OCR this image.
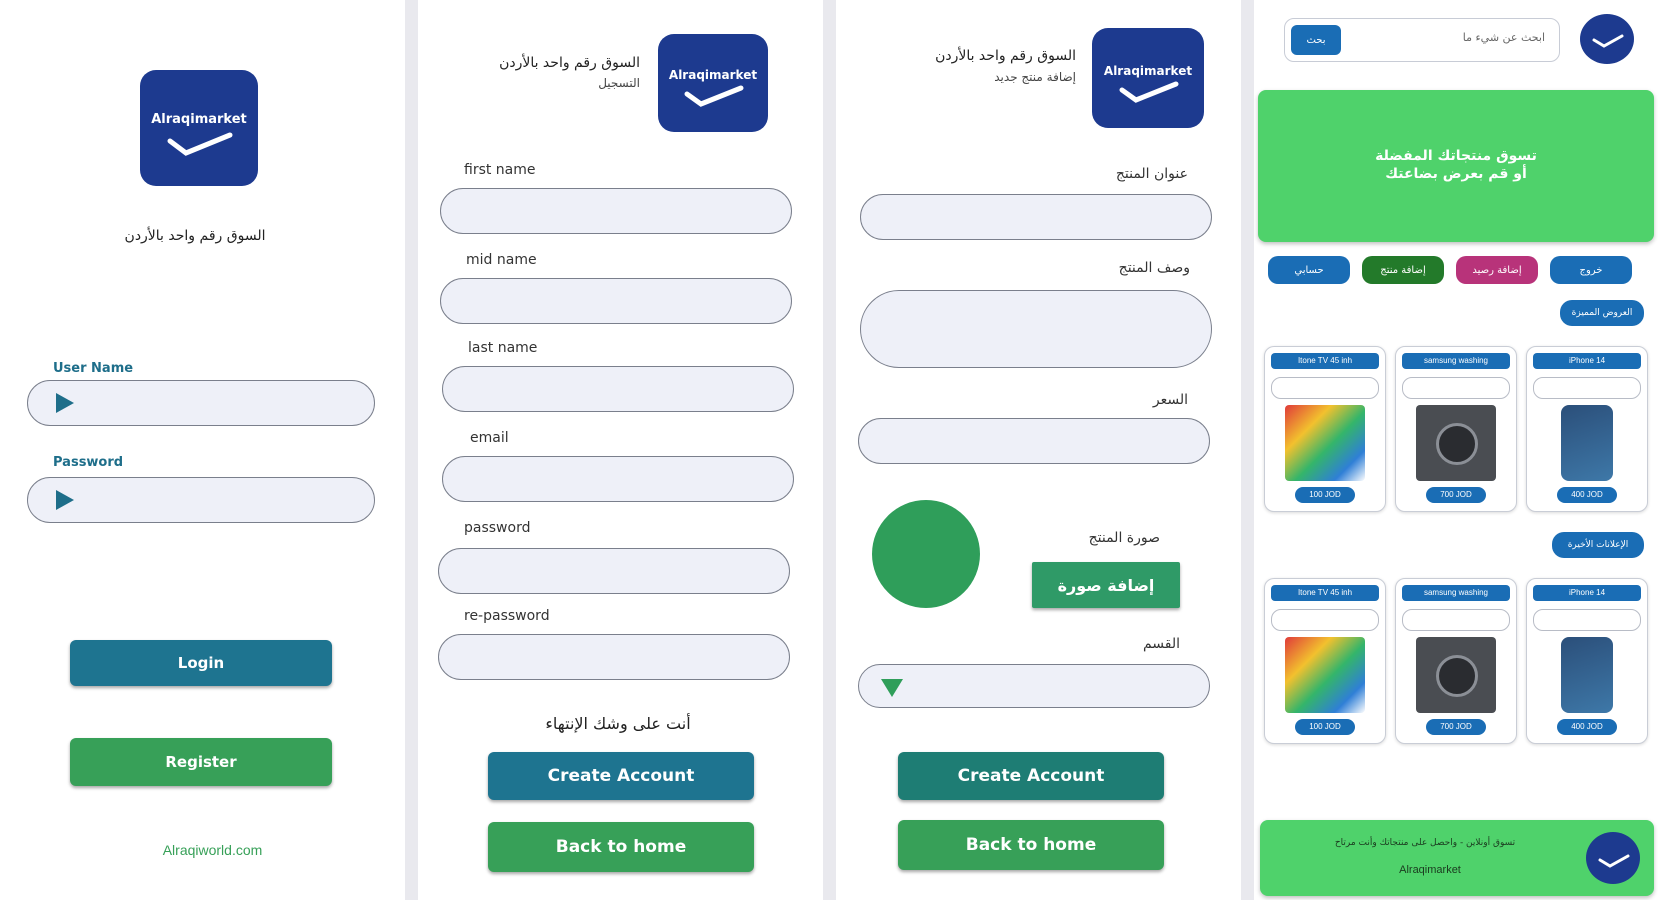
Alraqimarket
السوق رقم واحد بالأردن
User Name
Password
Login
Register
Alraqiworld.com
Alraqimarket
السوق رقم واحد بالأردن
التسجيل
first name
mid name
last name
email
password
re-password
أنت على وشك الإنتهاء
Create Account
Back to home
Alraqimarket
السوق رقم واحد بالأردن
إضافة منتج جديد
عنوان المنتج
وصف المنتج
السعر
صورة المنتج
إضافة صورة
القسم
Create Account
Back to home
ابحث عن شيء ما
بحث
تسوق منتجاتك المفضلة
أو قم بعرض بضاعتك
حسابي	إضافة منتج	إضافة رصيد	خروج
العروض المميزة
Itone TV 45 inh
100 JOD
samsung washing
700 JOD
iPhone 14
400 JOD
الإعلانات الأخيرة
Itone TV 45 inh
100 JOD
samsung washing
700 JOD
iPhone 14
400 JOD
تسوق أونلاين - واحصل على منتجاتك وأنت مرتاح
Alraqimarket
